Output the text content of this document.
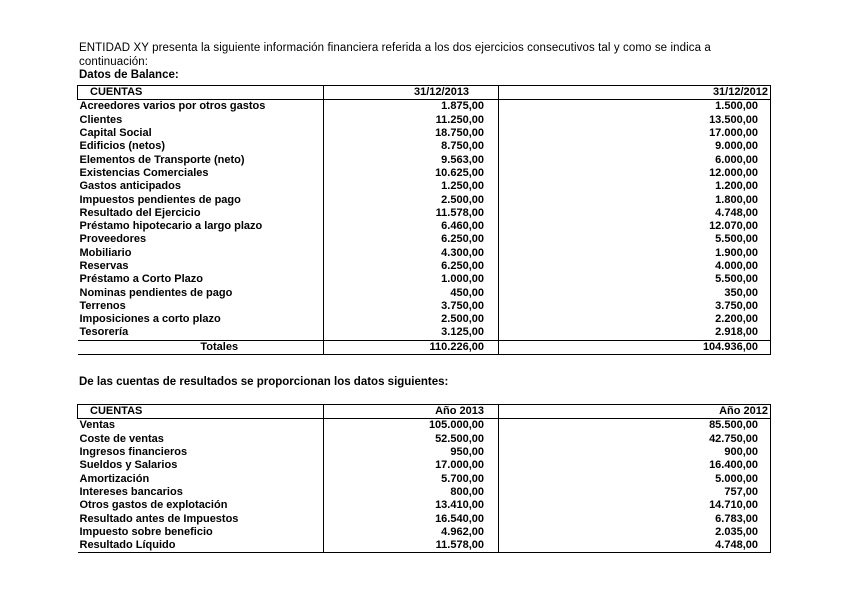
ENTIDAD XY presenta la siguiente información financiera referida a los dos ejercicios consecutivos tal y como se indica a continuación:
Datos de Balance:
CUENTAS	31/12/2013	31/12/2012
Acreedores varios por otros gastos	1.875,00	1.500,00
Clientes	11.250,00	13.500,00
Capital Social	18.750,00	17.000,00
Edificios (netos)	8.750,00	9.000,00
Elementos de Transporte (neto)	9.563,00	6.000,00
Existencias Comerciales	10.625,00	12.000,00
Gastos anticipados	1.250,00	1.200,00
Impuestos pendientes de pago	2.500,00	1.800,00
Resultado del Ejercicio	11.578,00	4.748,00
Préstamo hipotecario a largo plazo	6.460,00	12.070,00
Proveedores	6.250,00	5.500,00
Mobiliario	4.300,00	1.900,00
Reservas	6.250,00	4.000,00
Préstamo a Corto Plazo	1.000,00	5.500,00
Nominas pendientes de pago	450,00	350,00
Terrenos	3.750,00	3.750,00
Imposiciones a corto plazo	2.500,00	2.200,00
Tesorería	3.125,00	2.918,00
Totales	110.226,00	104.936,00
De las cuentas de resultados se proporcionan los datos siguientes:
CUENTAS	Año 2013	Año 2012
Ventas	105.000,00	85.500,00
Coste de ventas	52.500,00	42.750,00
Ingresos financieros	950,00	900,00
Sueldos y Salarios	17.000,00	16.400,00
Amortización	5.700,00	5.000,00
Intereses bancarios	800,00	757,00
Otros gastos de explotación	13.410,00	14.710,00
Resultado antes de Impuestos	16.540,00	6.783,00
Impuesto sobre beneficio	4.962,00	2.035,00
Resultado Líquido	11.578,00	4.748,00
